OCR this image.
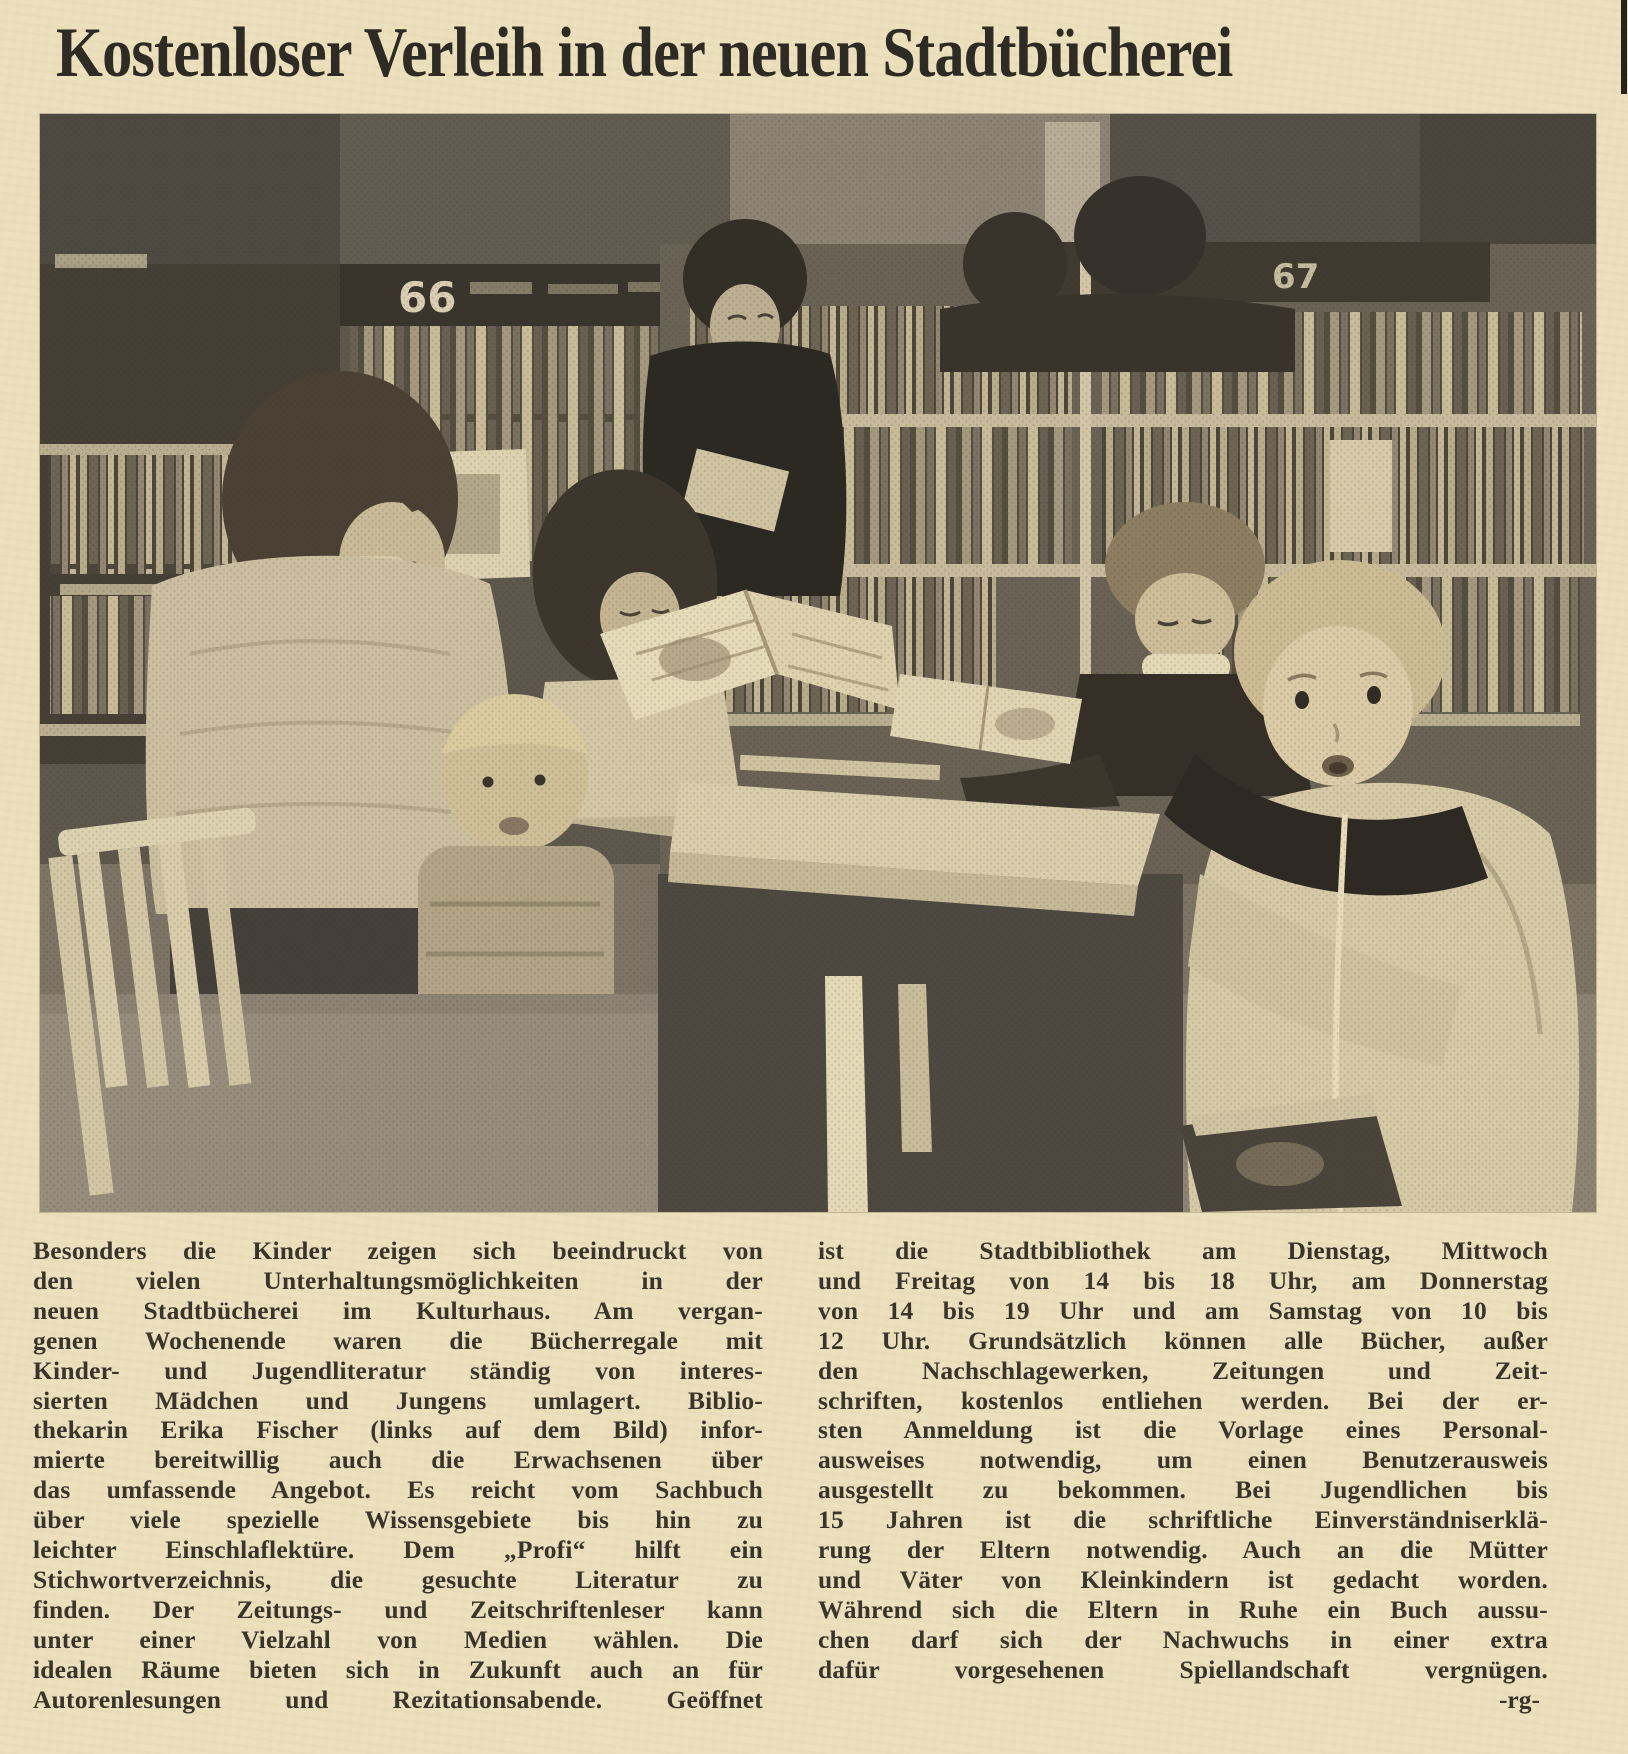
Kostenloser Verleih in der neuen Stadtbücherei
66	67
Besonders die Kinder zeigen sich beeindruckt von
den vielen Unterhaltungsmöglichkeiten in der
neuen Stadtbücherei im Kulturhaus. Am vergan-
genen Wochenende waren die Bücherregale mit
Kinder- und Jugendliteratur ständig von interes-
sierten Mädchen und Jungens umlagert. Biblio-
thekarin Erika Fischer (links auf dem Bild) infor-
mierte bereitwillig auch die Erwachsenen über
das umfassende Angebot. Es reicht vom Sachbuch
über viele spezielle Wissensgebiete bis hin zu
leichter Einschlaflektüre. Dem „Profi“ hilft ein
Stichwortverzeichnis, die gesuchte Literatur zu
finden. Der Zeitungs- und Zeitschriftenleser kann
unter einer Vielzahl von Medien wählen. Die
idealen Räume bieten sich in Zukunft auch an für
Autorenlesungen und Rezitationsabende. Geöffnet
ist die Stadtbibliothek am Dienstag, Mittwoch
und Freitag von 14 bis 18 Uhr, am Donnerstag
von 14 bis 19 Uhr und am Samstag von 10 bis
12 Uhr. Grundsätzlich können alle Bücher, außer
den Nachschlagewerken, Zeitungen und Zeit-
schriften, kostenlos entliehen werden. Bei der er-
sten Anmeldung ist die Vorlage eines Personal-
ausweises notwendig, um einen Benutzerausweis
ausgestellt zu bekommen. Bei Jugendlichen bis
15 Jahren ist die schriftliche Einverständniserklä-
rung der Eltern notwendig. Auch an die Mütter
und Väter von Kleinkindern ist gedacht worden.
Während sich die Eltern in Ruhe ein Buch aussu-
chen darf sich der Nachwuchs in einer extra
dafür vorgesehenen Spiellandschaft vergnügen.
-rg-
